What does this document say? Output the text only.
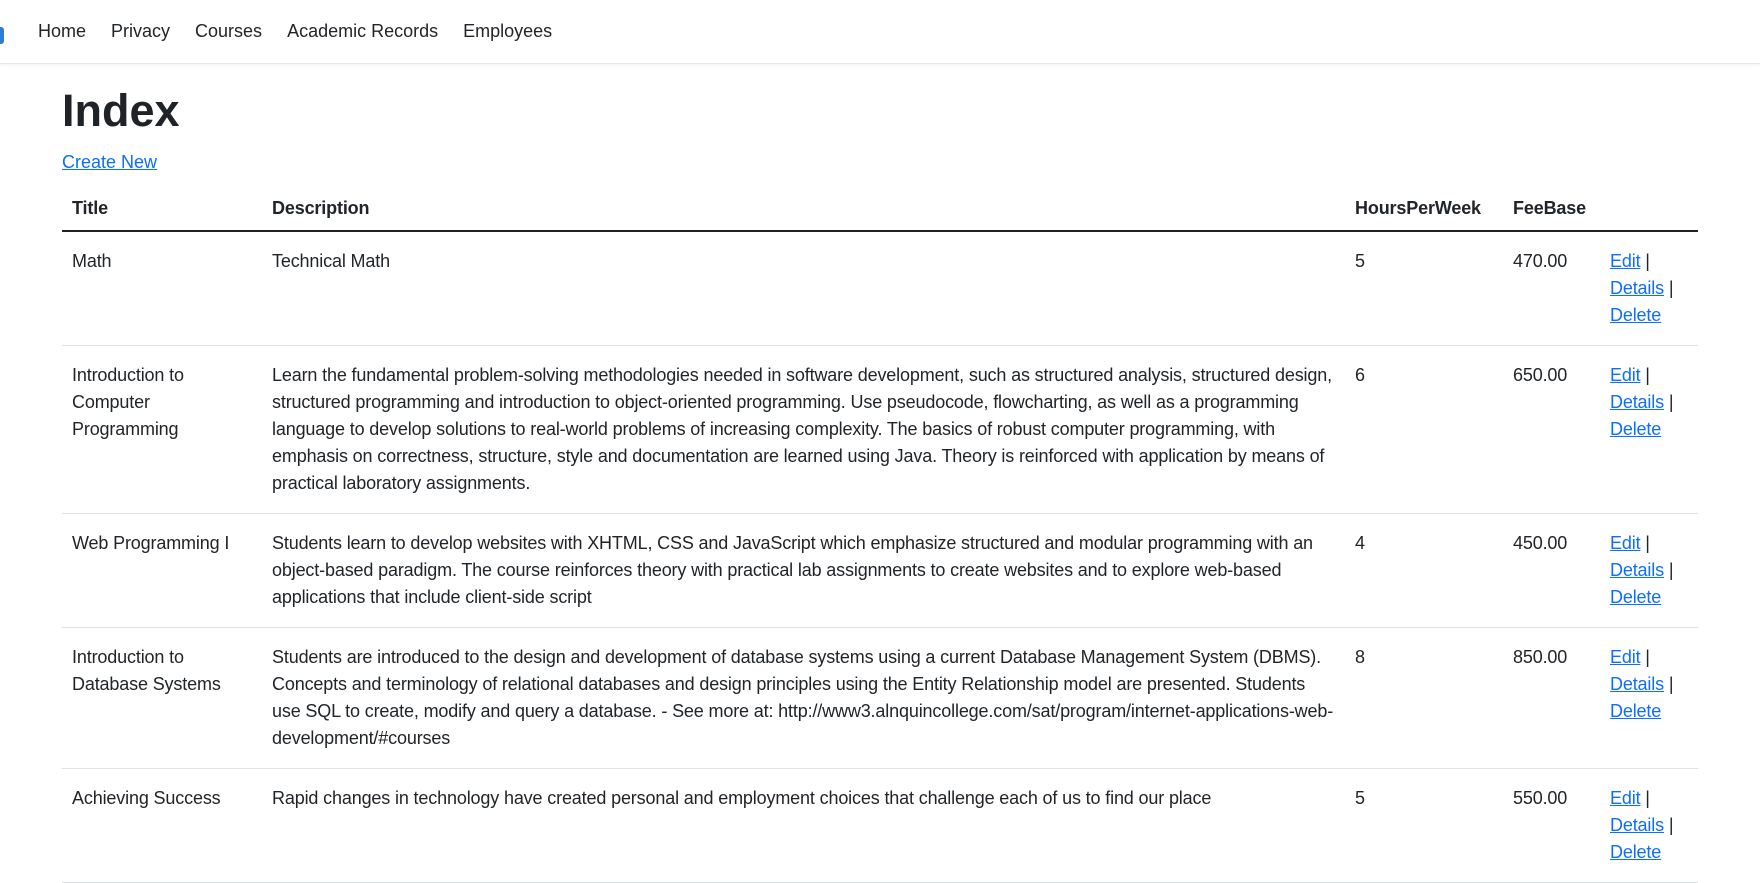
Home Privacy Courses Academic Records Employees
Index
Create New
Title	Description	HoursPerWeek	FeeBase	
Math	Technical Math	5	470.00	Edit |
Details |
Delete

Introduction to Computer Programming	Learn the fundamental problem-solving methodologies needed in software development, such as structured analysis, structured design, structured programming and introduction to object-oriented programming. Use pseudocode, flowcharting, as well as a programming language to develop solutions to real-world problems of increasing complexity. The basics of robust computer programming, with emphasis on correctness, structure, style and documentation are learned using Java. Theory is reinforced with application by means of practical laboratory assignments.	6	650.00	Edit |
Details |
Delete

Web Programming I	Students learn to develop websites with XHTML, CSS and JavaScript which emphasize structured and modular programming with an object-based paradigm. The course reinforces theory with practical lab assignments to create websites and to explore web-based applications that include client-side script	4	450.00	Edit |
Details |
Delete

Introduction to Database Systems	Students are introduced to the design and development of database systems using a current Database Management System (DBMS). Concepts and terminology of relational databases and design principles using the Entity Relationship model are presented. Students use SQL to create, modify and query a database. - See more at: http://www3.alnquincollege.com/sat/program/internet-applications-web-development/#courses	8	850.00	Edit |
Details |
Delete

Achieving Success	Rapid changes in technology have created personal and employment choices that challenge each of us to find our place	5	550.00	Edit |
Details |
Delete
